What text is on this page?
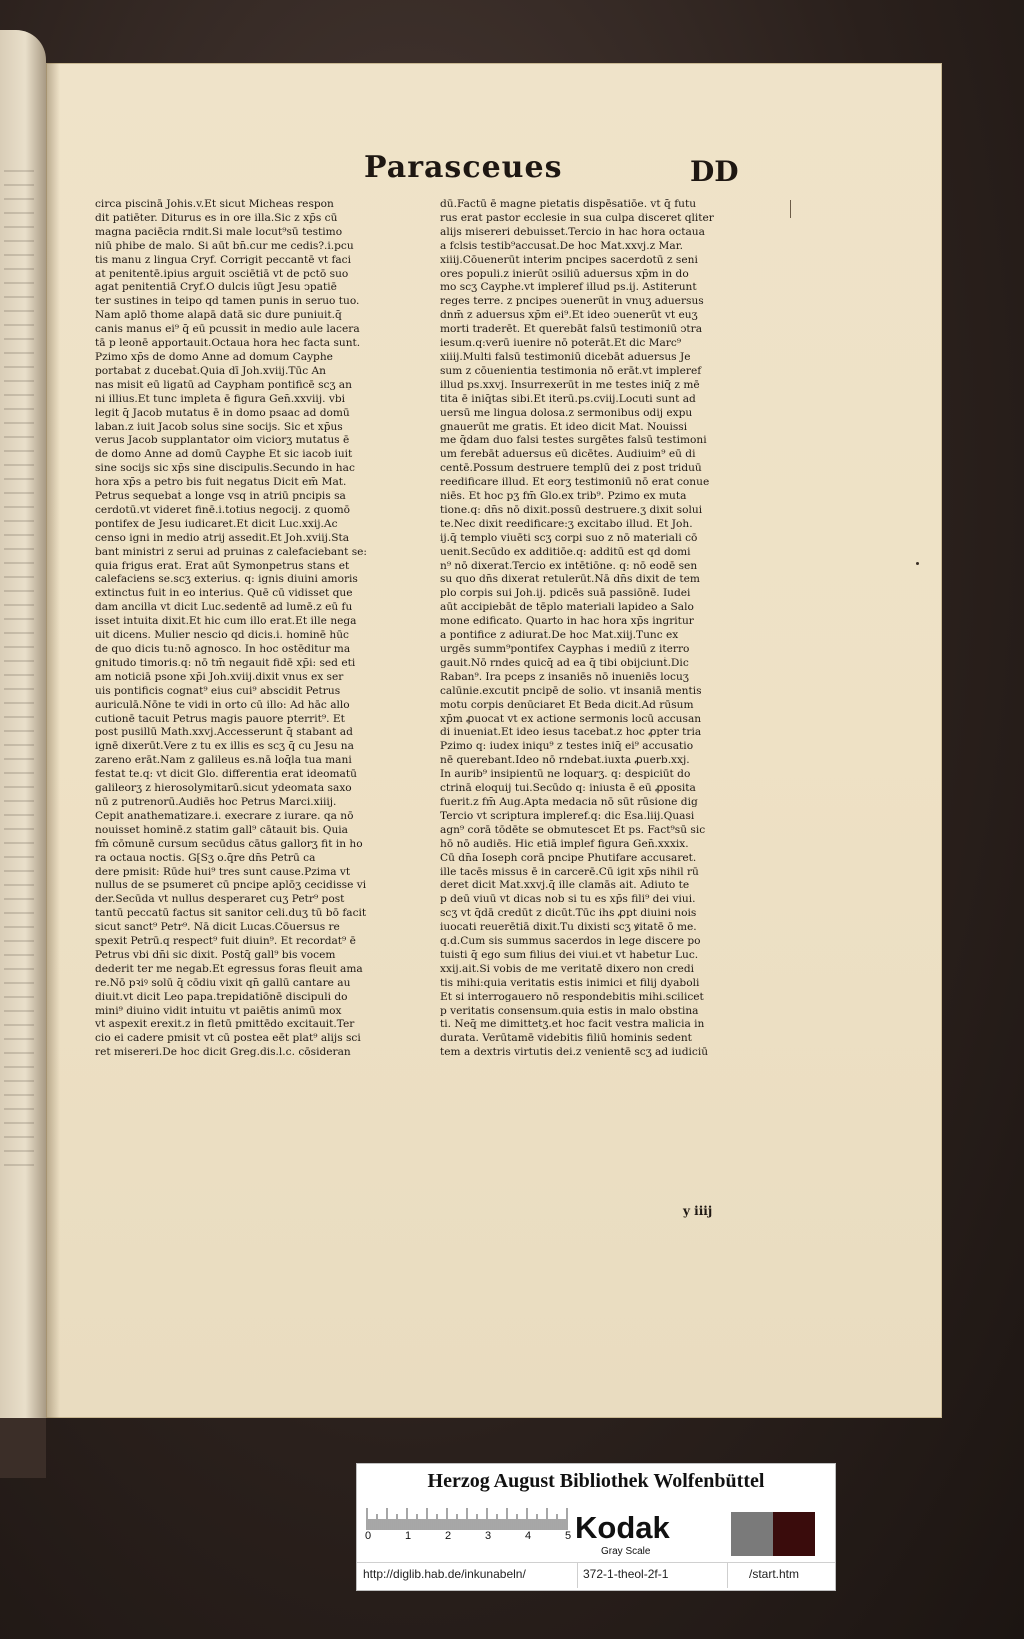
Parasceues	DD
circa piscinā Johis.v.Et sicut Micheas respon
dit patiēter. Diturus es in ore illa.Sic z xp̄s cū
magna paciēcia rndit.Si male locut⁹sū testimo
niū phibe de malo. Si aūt bn̄.cur me cedis?.i.pcu
tis manu z lingua Cryf. Corrigit peccantē vt faci
at penitentē.ipius arguit ↄsciētiā vt de pctō suo
agat penitentiā Cryf.O dulcis iūgt Jesu ↄpatiē
ter sustines in teipo qd̄ tamen punis in seruo tuo.
Nam aplō thome alapā datā sic dure puniuit.q̄
canis manus ei⁹ q̄ eū pcussit in medio aule lacera
tā p leonē apportauit.Octaua hora hec facta sunt.
Pzimo xp̄s de domo Anne ad domum Cayphe
portabaṫ z ducebaṫ.Quia dī Joh.xviij.Tūc An
nas misit eū ligatū ad Caypham pontificē scʒ an
ni illius.Et tunc impleta ē figura Gen̄.xxviij. vbi
legit q̄ Jacob mutatus ē in domo psaac ad domū
laban.z iuit Jacob solus sine socijs. Sic et xp̄us
verus Jacob supplantator oim viciorʒ mutatus ē
de domo Anne ad domū Cayphe Et sic iacob iuit
sine socijs sic xp̄s sine discipulis.Secundo in hac
hora xp̄s a petro bis fuit negatus Dicit em̄ Mat.
Petrus sequebaṫ a longe vsq in atriū pncipis sa
cerdotū.vt videret finē.i.totius negocij. z quomō
pontifex de Jesu iudicaret.Et dicit Luc.xxij.Ac
censo igni in medio atrij assedit.Et Joh.xviij.Sta
bant ministri z serui ad pruinas z calefaciebant se:
quia frigus erat. Erat aūt Symonpetrus stans et
calefaciens se.scʒ exterius. q: ignis diuini amoris
extinctus fuit in eo interius. Quē cū vidisset que
dam ancilla vt dicit Luc.sedentē ad lumē.z eū fu
isset intuita dixit.Et hic cum illo erat.Et ille nega
uit dicens. Mulier nescio qd̄ dicis.i. hominē hūc
de quo dicis tu:nō agnosco. In hoc ostēditur ma
gnitudo timoris.q: nō tm̄ negauit fidē xp̄i: sed eti
am noticiā psone xp̄i Joh.xviij.dixit vnus ex ser
uis pontificis cognat⁹ eius cui⁹ abscidit Petrus
auriculā.Nōne te vidi in orto cū illo: Ad hāc allo
cutionē tacuit Petrus magis pauore pterrit⁹. Et
post pusillū Math.xxvj.Accesserunt q̄ stabant ad
ignē dixerūt.Vere z tu ex illis es scʒ q̄ cu Jesu na
zareno erāt.Nam z galileus es.nā loq̄la tua mani
festat te.q: vt dicit Glo. differentia erat ideomatū
galileorʒ z hierosolymitarū.sicut ydeomata saxo
nū z putrenorū.Audiēs hoc Petrus Marci.xiiij.
Cepit anathematizare.i. execrare z iurare. qa nō
nouisset hominē.z statim gall⁹ cātauit bis. Quia
fm̄ cōmunē cursum secūdus cātus gallorʒ fit in ho
ra octaua noctis. G⁅Sʒ o.q̄re dn̄s Petrū ca
dere pmisit: Rūde hui⁹ tres sunt cause.Pzima vt
nullus de se psumeret cū pncipe aplōʒ cecidisse vi
der.Secūda vt nullus desperaret cuʒ Petr⁹ post
tantū peccatū factus sit sanitor celi.duʒ tū bō facit
sicut sanct⁹ Petr⁹. Nā dicit Lucas.Cōuersus re
spexit Petrū.q respect⁹ fuit diuin⁹. Et recordat⁹ ē
Petrus vbi dn̄i sic dixit. Postq̄ gall⁹ bis vocem
dederit ter me negab.Et egressus foras fleuit ama
re.Nō pꝛiꝰ solū q̄ cōdiu vixit qn̄ gallū cantare au
diuit.vt dicit Leo papa.trepidatiōnē discipuli do
mini⁹ diuino vidit intuitu vt paiētis animū mox
vt aspexit erexit.z in fletū pmittēdo excitauit.Ter
cio ei cadere pmisit vt cū postea eēt plat⁹ alijs sci
ret misereri.De hoc dicit Greg.dis.l.c. cōsideran
dū.Factū ē magne pietatis dispēsatiōe. vt q̄ futu
rus erat pastor ecclesie in sua culpa disceret qliter
alijs misereri debuisset.Tercio in hac hora octaua
a fclsis testib⁹accusaṫ.De hoc Mat.xxvj.z Mar.
xiiij.Cōuenerūt interim pncipes sacerdotū z seni
ores populi.z inierūt ↄsiliū aduersus xp̄m in do
mo scʒ Cayphe.vt impleref illud ps.ij. Astiterunt
reges terre. z pncipes ↄuenerūt in vnuʒ aduersus
dnm̄ z aduersus xp̄m ei⁹.Et ideo ↄuenerūt vt euʒ
morti traderēt. Et querebāt falsū testimoniū ↄtra
iesum.q:verū iuenire nō poterāt.Et dic Marc⁹
xiiij.Multi falsū testimoniū dicebāt aduersus Je
sum z cōuenientia testimonia nō erāt.vt impleref
illud ps.xxvj. Insurrexerūt in me testes iniq̄ z mē
tita ē iniq̄tas sibi.Et iterū.ps.cviij.Locuti sunt ad
uersū me lingua dolosa.z sermonibus odij expu
gnauerūt me gratis. Et ideo dicit Mat. Nouissi
me q̄dam duo falsi testes surgētes falsū testimoni
um ferebāt aduersus eū dicētes. Audiuim⁹ eū di
centē.Possum destruere templū dei z post triduū
reedificare illud. Et eorʒ testimoniū nō erat conue
niēs. Et hoc pʒ fm̄ Glo.ex trib⁹. Pzimo ex muta
tione.q: dn̄s nō dixit.possū destruere.ʒ dixit solui
te.Nec dixit reedificare:ʒ excitabo illud. Et Joh.
ij.q̄ templo viuēti scʒ corpi suo z nō materiali cō
uenit.Secūdo ex additiōe.q: additū est qd̄ domi
n⁹ nō dixerat.Tercio ex intētiōne. q: nō eodē sen
su quo dn̄s dixerat retulerūt.Nā dn̄s dixit de tem
plo corpis sui Joh.ij. pdicēs suā passiōnē. Iudei
aūt accipiebāt de tēplo materiali lapideo a Salo
mone edificato. Quarto in hac hora xp̄s ingritur
a pontifice z adiuraṫ.De hoc Mat.xiij.Tunc ex
urgēs summ⁹pontifex Cayphas i mediū z iterro
gauit.Nō rndes quicq̄ ad ea q̄ tibi obijciunṫ.Dic
Raban⁹. Ira pceps z insaniēs nō inueniēs locuʒ
calūnie.excutit pncipē de solio. vt insaniā mentis
motu corpis denūciaret Et Beda dicit.Ad rūsum
xp̄m ꝓuocat vt ex actione sermonis locū accusan
di inueniat.Et ideo iesus tacebat.z hoc ꝓpter tria
Pzimo q: iudex iniqu⁹ z testes iniq̄ ei⁹ accusatio
nē querebant.Ideo nō rndebat.iuxta ꝓuerb.xxj.
In aurib⁹ insipientū ne loquarʒ. q: despiciūt do
ctrinā eloquij tui.Secūdo q: iniusta ē eū ꝓposita
fuerit.z fm̄ Aug.Apta medacia nō sūt rūsione dig
Tercio vt scriptura impleref.q: dic Esa.liij.Quasi
agn⁹ corā tōdēte se obmutescet Et ps. Fact⁹sū sic
hō nō audiēs. Hic etiā implef figura Gen̄.xxxix.
Cū dn̄a Ioseph corā pncipe Phutifare accusaret.
ille tacēs missus ē in carcerē.Cū igit xp̄s nihil rū
deret dicit Mat.xxvj.q̄ ille clamās ait. Adiuto te
p deū viuū vt dicas nob si tu es xp̄s fili⁹ dei viui.
scʒ vt q̄dā credūt z dicūt.Tūc ihs ꝓpt diuini nois
iuocati reuerētiā dixit.Tu dixisti scʒ ꝟitatē ō me.
q.d.Cum sis summus sacerdos in lege discere po
tuisti q̄ ego sum filius dei viui.et vt habetur Luc.
xxij.ait.Si vobis de me veritatē dixero non credi
tis mihi:quia veritatis estis inimici et filij dyaboli
Et si interrogauero nō respondebitis mihi.scilicet
p veritatis consensum.quia estis in malo obstina
ti. Neq̄ me dimittetʒ.et hoc facit vestra malicia in
durata. Verūtamē videbitis filiū hominis sedent
tem a dextris virtutis dei.z venientē scʒ ad iudiciū
y iiij
Herzog August Bibliothek Wolfenbüttel
0	1	2	3	4	5 Kodak
Gray Scale
http://diglib.hab.de/inkunabeln/	372-1-theol-2f-1	/start.htm
